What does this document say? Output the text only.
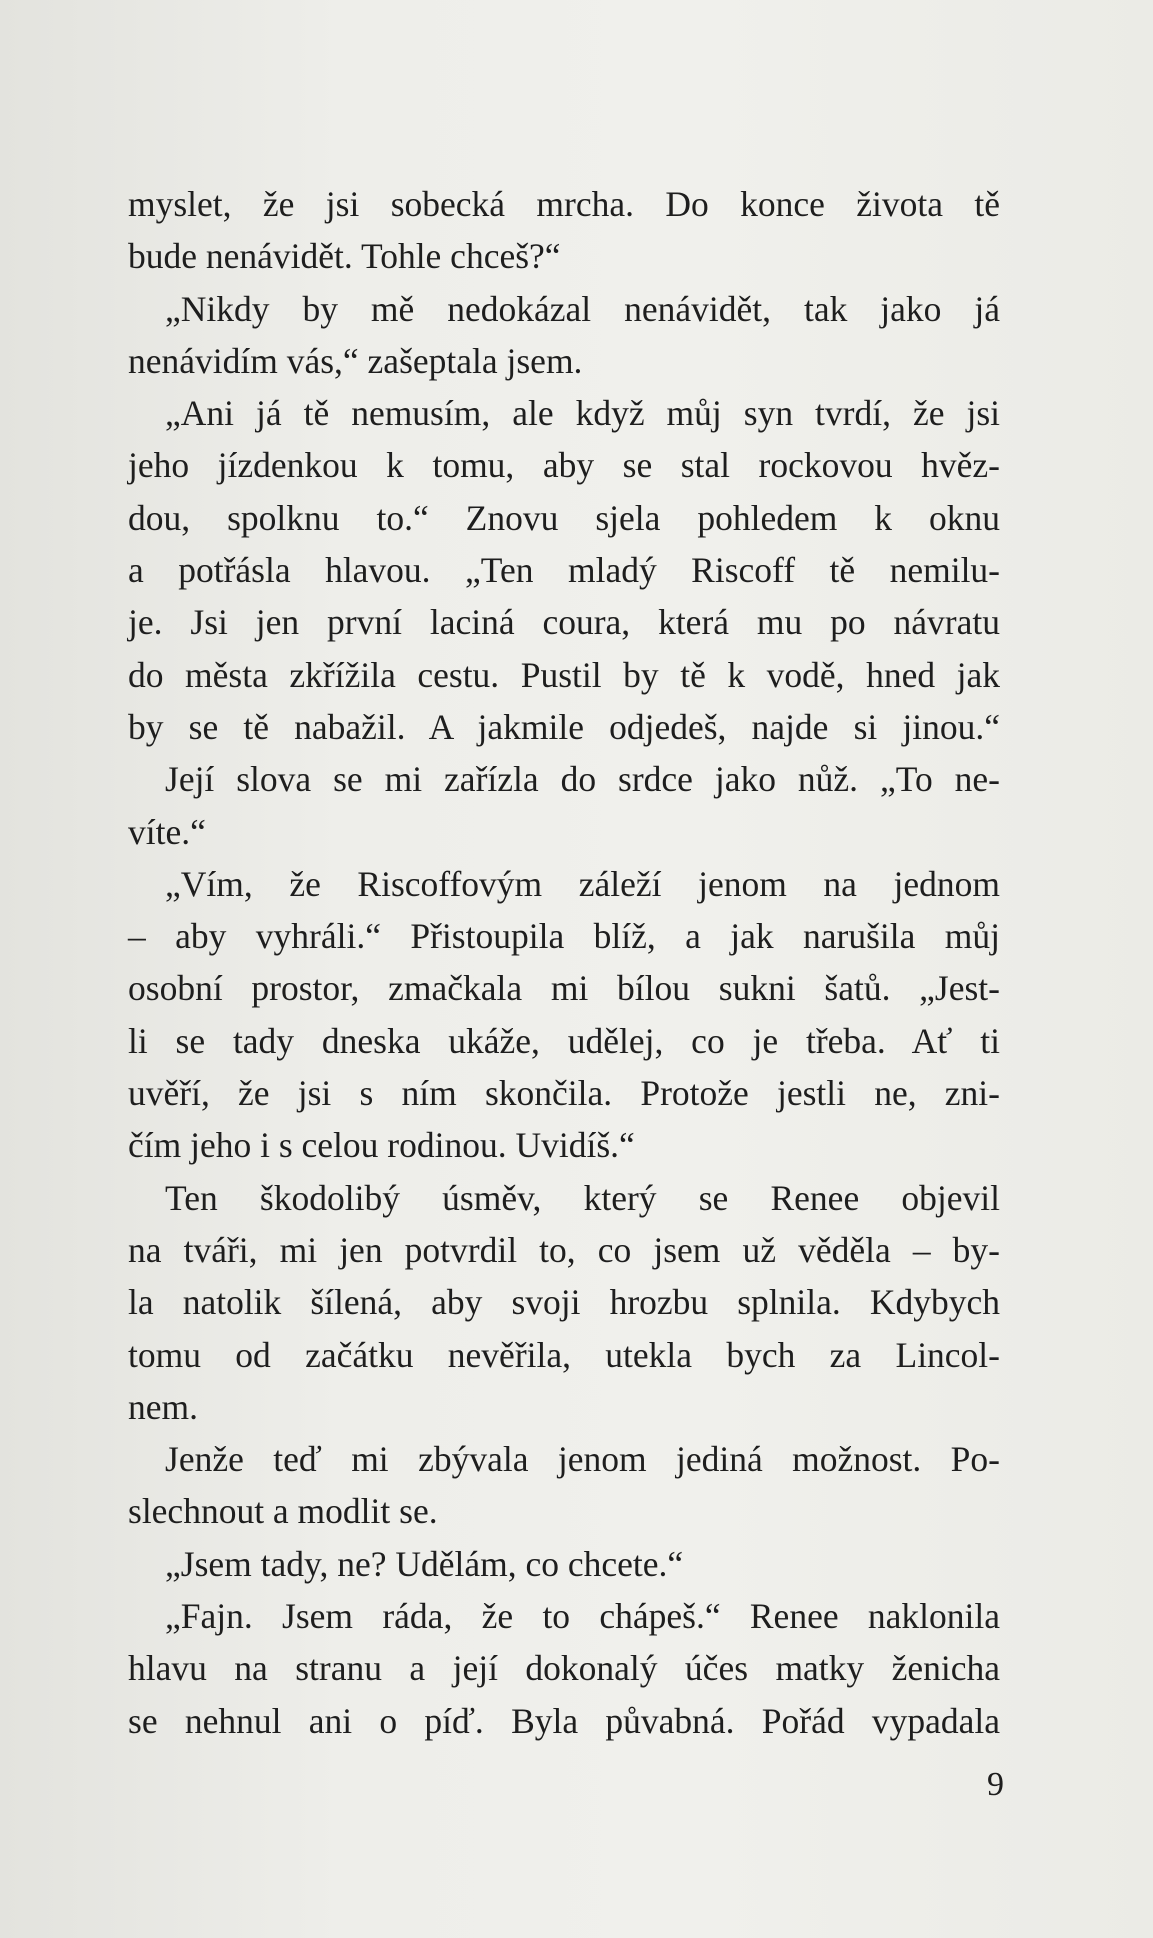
myslet, že jsi sobecká mrcha. Do konce života tě
bude nenávidět. Tohle chceš?“
„Nikdy by mě nedokázal nenávidět, tak jako já
nenávidím vás,“ zašeptala jsem.
„Ani já tě nemusím, ale když můj syn tvrdí, že jsi
jeho jízdenkou k tomu, aby se stal rockovou hvěz-
dou, spolknu to.“ Znovu sjela pohledem k oknu
a potřásla hlavou. „Ten mladý Riscoff tě nemilu-
je. Jsi jen první laciná coura, která mu po návratu
do města zkřížila cestu. Pustil by tě k vodě, hned jak
by se tě nabažil. A jakmile odjedeš, najde si jinou.“
Její slova se mi zařízla do srdce jako nůž. „To ne-
víte.“
„Vím, že Riscoffovým záleží jenom na jednom
– aby vyhráli.“ Přistoupila blíž, a jak narušila můj
osobní prostor, zmačkala mi bílou sukni šatů. „Jest-
li se tady dneska ukáže, udělej, co je třeba. Ať ti
uvěří, že jsi s ním skončila. Protože jestli ne, zni-
čím jeho i s celou rodinou. Uvidíš.“
Ten škodolibý úsměv, který se Renee objevil
na tváři, mi jen potvrdil to, co jsem už věděla – by-
la natolik šílená, aby svoji hrozbu splnila. Kdybych
tomu od začátku nevěřila, utekla bych za Lincol-
nem.
Jenže teď mi zbývala jenom jediná možnost. Po-
slechnout a modlit se.
„Jsem tady, ne? Udělám, co chcete.“
„Fajn. Jsem ráda, že to chápeš.“ Renee naklonila
hlavu na stranu a její dokonalý účes matky ženicha
se nehnul ani o píď. Byla půvabná. Pořád vypadala
9
